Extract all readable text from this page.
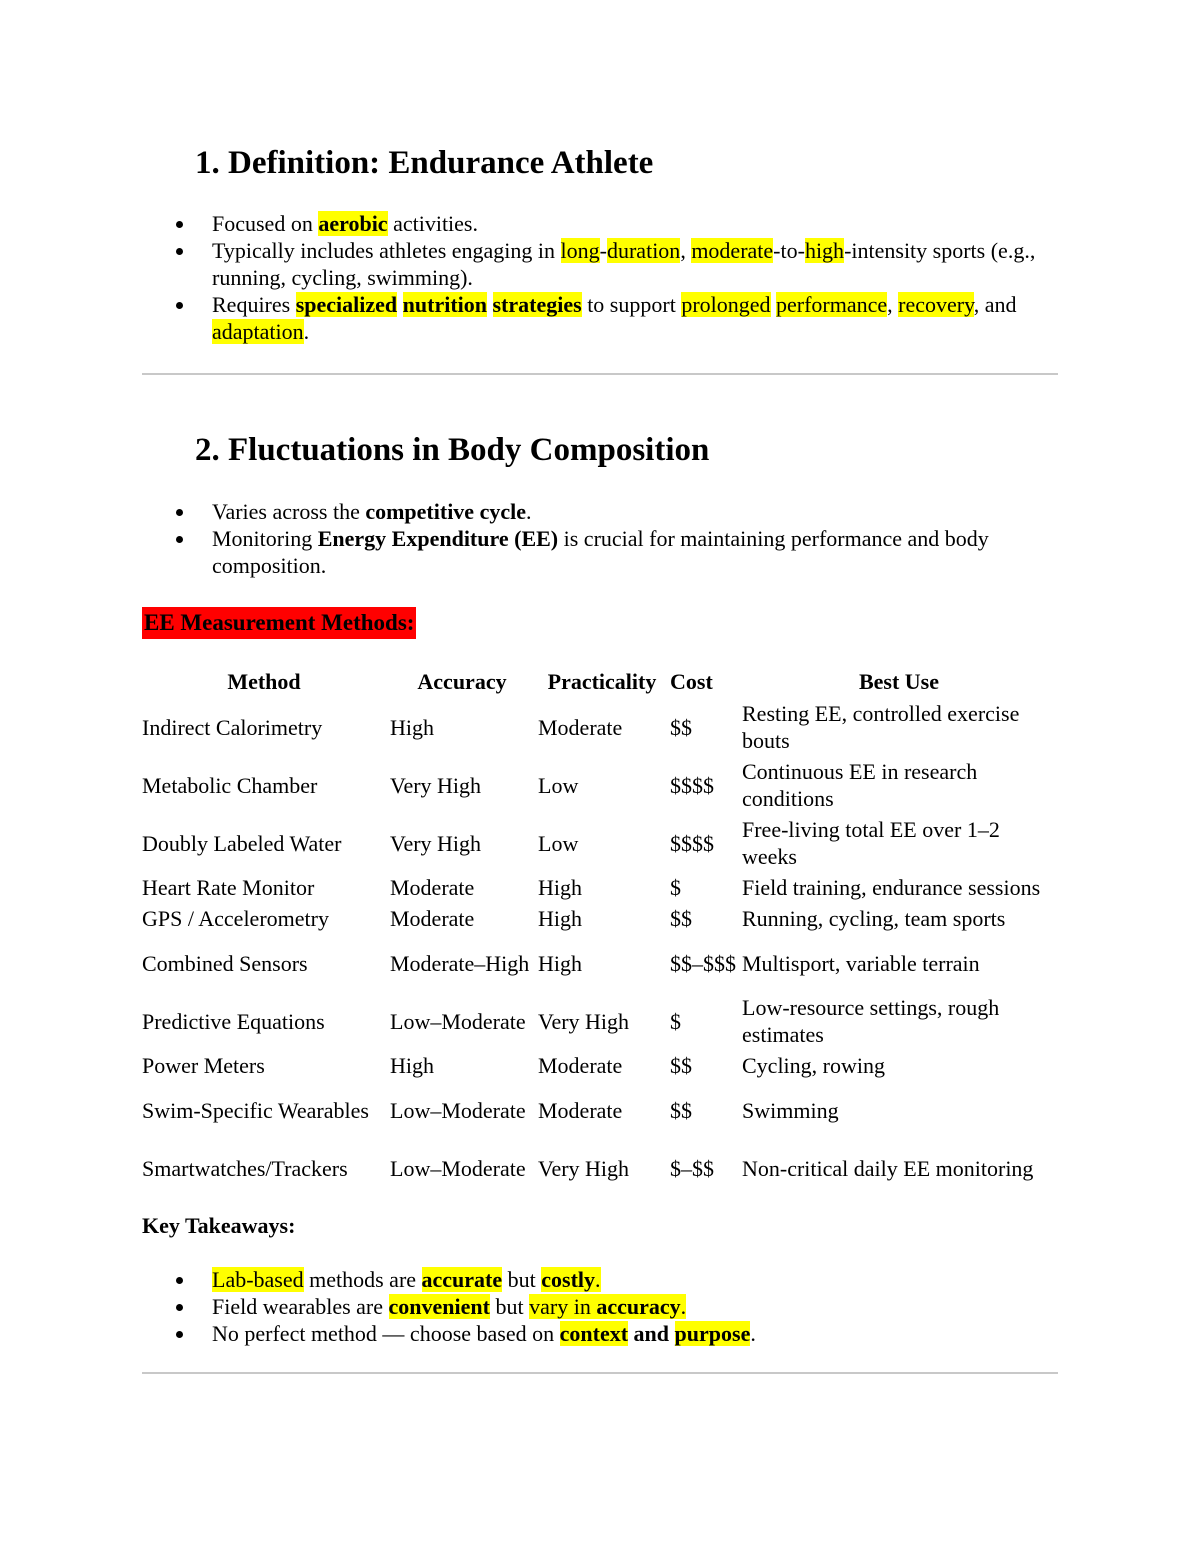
1. Definition: Endurance Athlete
Focused on aerobic activities.
Typically includes athletes engaging in long-duration, moderate-to-high-intensity sports (e.g., running, cycling, swimming).
Requires specialized nutrition strategies to support prolonged performance, recovery, and adaptation.
2. Fluctuations in Body Composition
Varies across the competitive cycle.
Monitoring Energy Expenditure (EE) is crucial for maintaining performance and body composition.
EE Measurement Methods:
Method	Accuracy	Practicality	Cost	Best Use
Indirect Calorimetry	High	Moderate	$$	Resting EE, controlled exercise bouts
Metabolic Chamber	Very High	Low	$$$$	Continuous EE in research conditions
Doubly Labeled Water	Very High	Low	$$$$	Free-living total EE over 1–2 weeks
Heart Rate Monitor	Moderate	High	$	Field training, endurance sessions
GPS / Accelerometry	Moderate	High	$$	Running, cycling, team sports
Combined Sensors	Moderate–High	High	$$–$$$	Multisport, variable terrain
Predictive Equations	Low–Moderate	Very High	$	Low-resource settings, rough estimates
Power Meters	High	Moderate	$$	Cycling, rowing
Swim-Specific Wearables	Low–Moderate	Moderate	$$	Swimming
Smartwatches/Trackers	Low–Moderate	Very High	$–$$	Non-critical daily EE monitoring
Key Takeaways:
Lab-based methods are accurate but costly.
Field wearables are convenient but vary in accuracy.
No perfect method — choose based on context and purpose.
